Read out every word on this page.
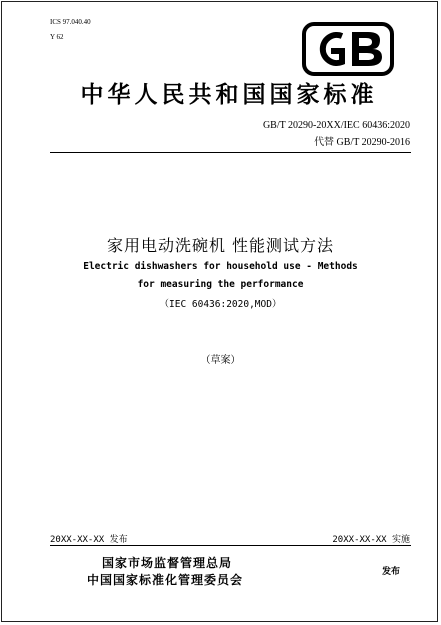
ICS 97.040.40
Y 62
中华人民共和国国家标准
GB/T 20290-20XX/IEC 60436:2020
代替 GB/T 20290-2016
家用电动洗碗机 性能测试方法
Electric dishwashers for household use - Methods
for measuring the performance
（IEC 60436:2020,MOD）
（草案）
20XX-XX-XX 发布	20XX-XX-XX 实施
国家市场监督管理总局
中国国家标准化管理委员会
发布
